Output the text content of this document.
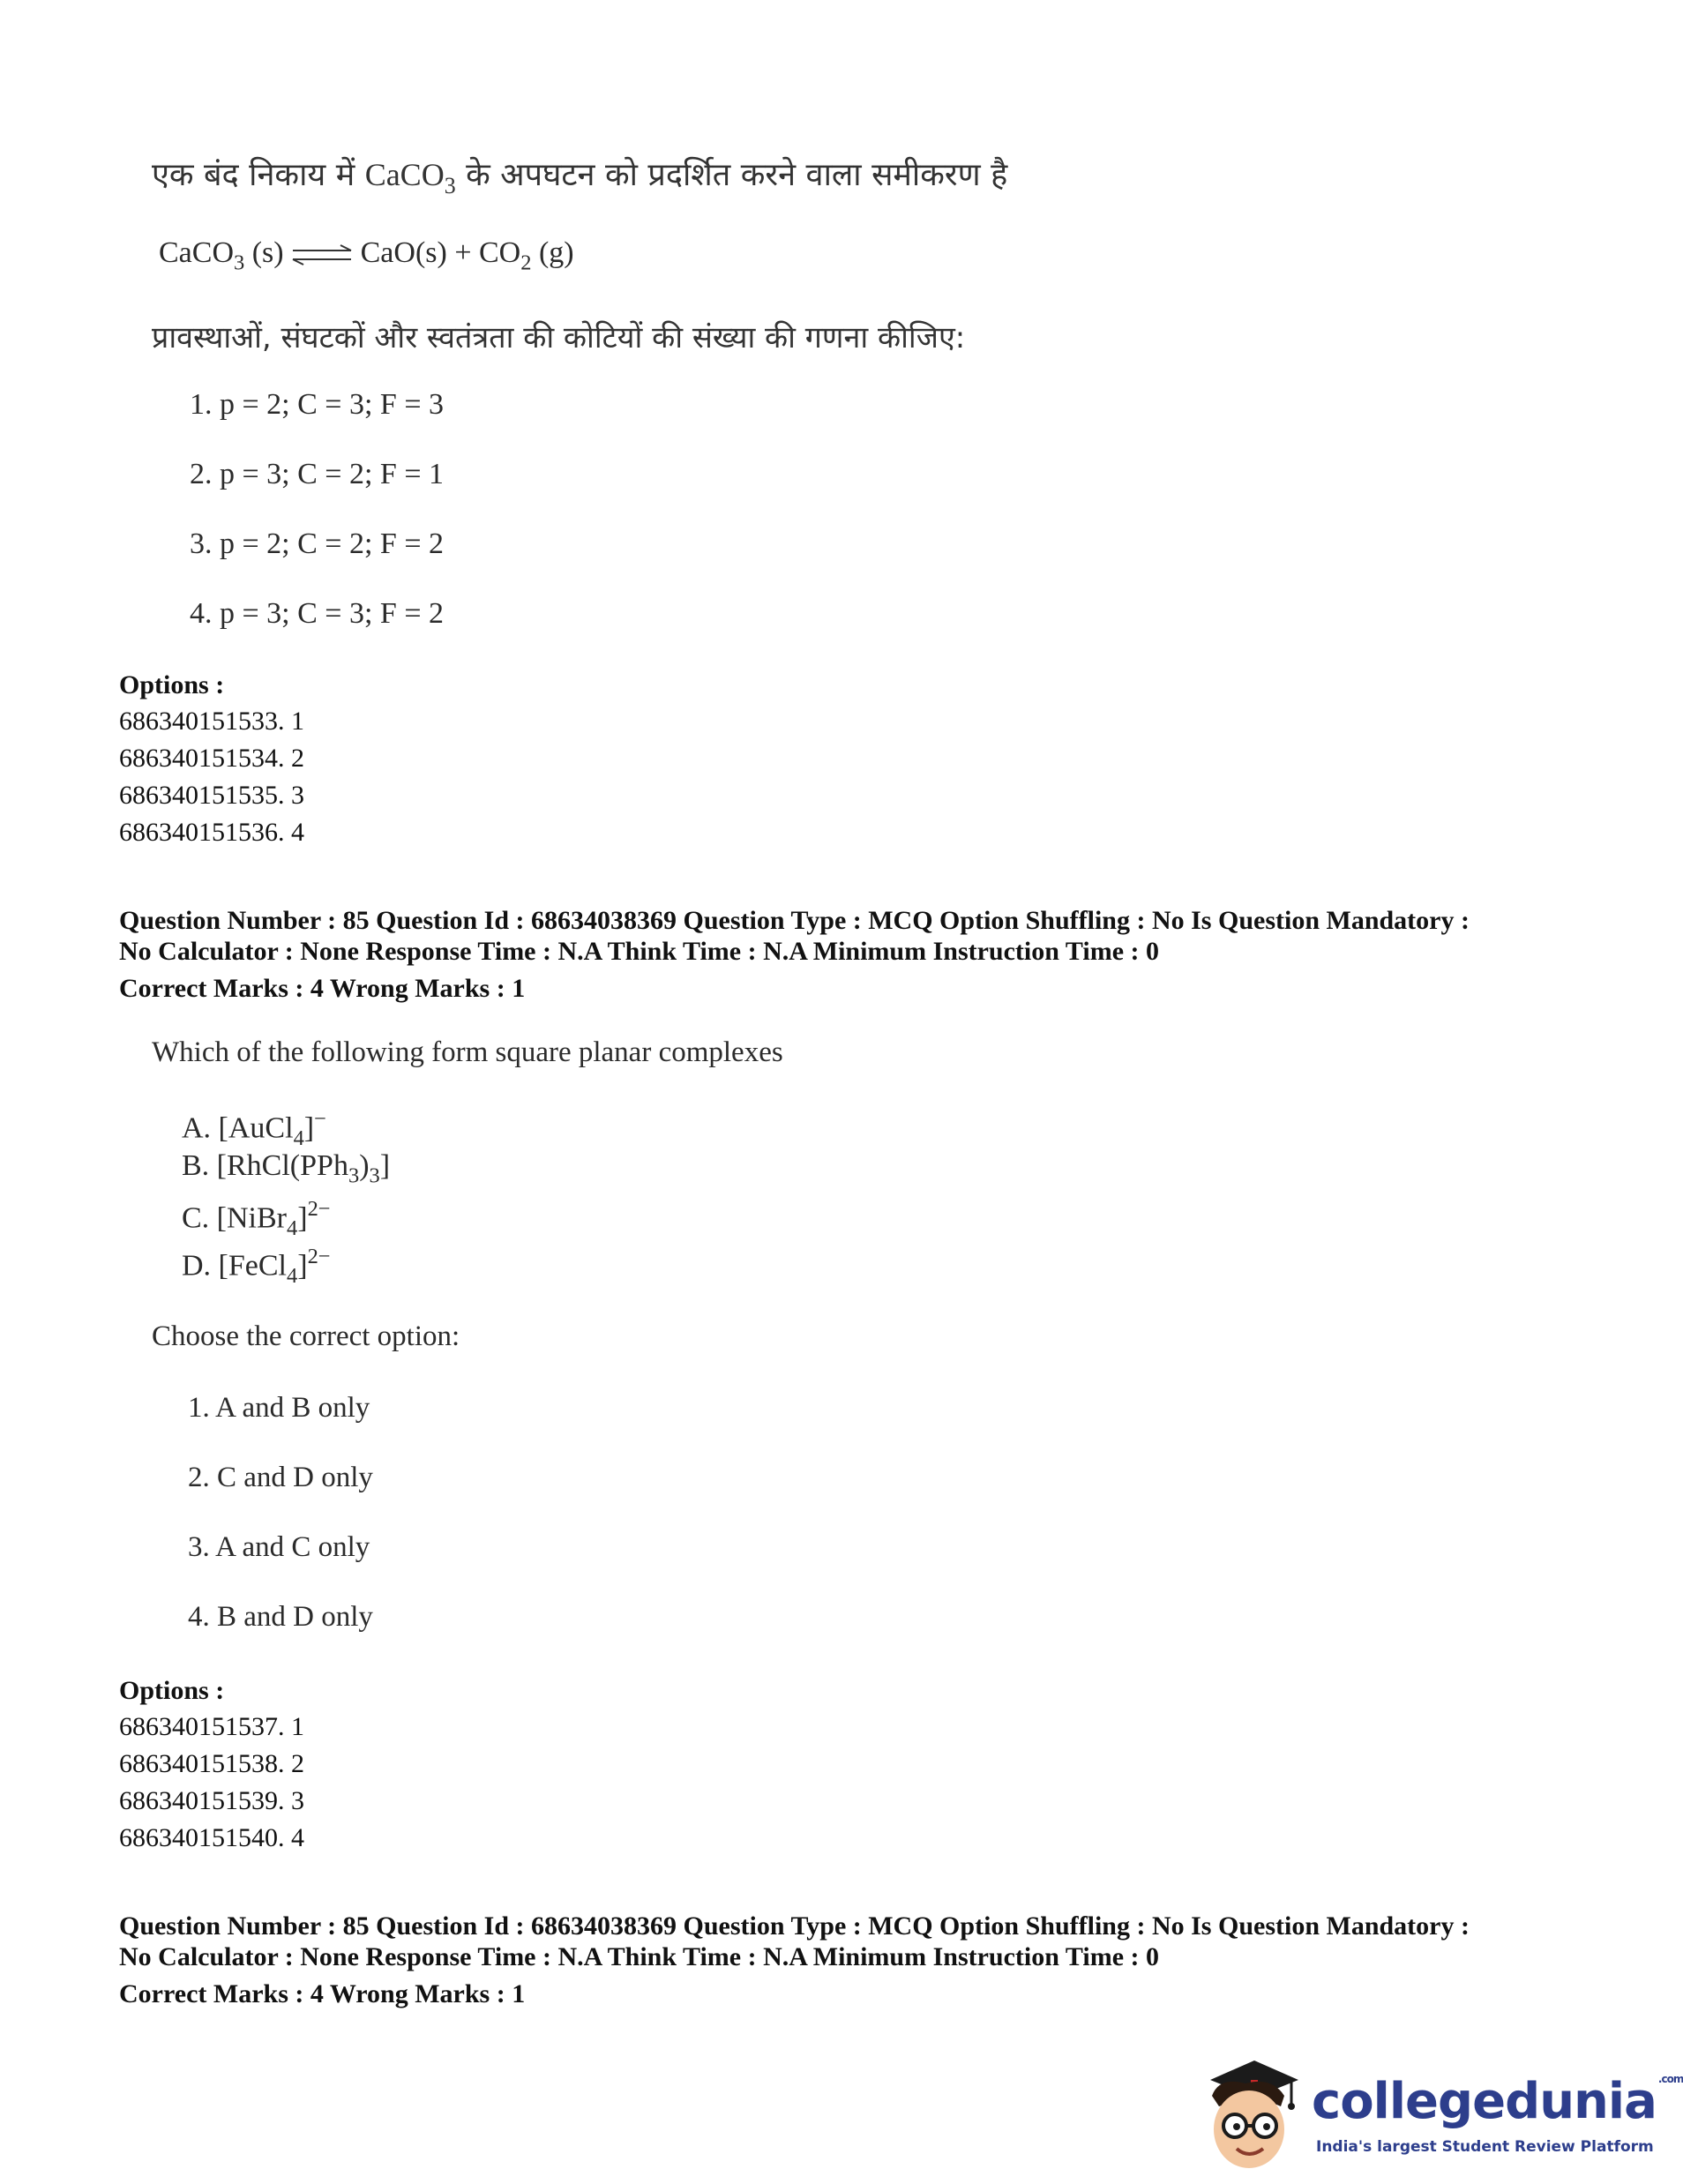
एक बंद निकाय में CaCO$_3$ के अपघटन को प्रदर्शित करने वाला समीकरण है
CaCO$_3$ (s) ⇌ $CaO(s) + CO_2$ (g)
प्रावस्थाओं, संघटकों और स्वतंत्रता की कोटियों की संख्या की गणना कीजिए:
1. p = 2; C = 3; F = 3
2. p = 3; C = 2; F = 1
3. p = 2; C = 2; F = 2
4. p = 3; C = 3; F = 2
Options :
686340151533. 1
686340151534. 2
686340151535. 3
686340151536. 4
Question Number : 85 Question Id : 68634038369 Question Type : MCQ Option Shuffling : No Is Question Mandatory :
No Calculator : None Response Time : N.A Think Time : N.A Minimum Instruction Time : 0
Correct Marks : 4 Wrong Marks : 1
Which of the following form square planar complexes
A. [AuCl$_4$]−
B. $[RhCl(PPh_3)_3]$
C. [NiBr$_4$]$^{2-}$
D. [FeCl$_4$]$^{2-}$
Choose the correct option:
1. A and B only
2. C and D only
3. A and C only
4. B and D only
Options :
686340151537. 1
686340151538. 2
686340151539. 3
686340151540. 4
Question Number : 85 Question Id : 68634038369 Question Type : MCQ Option Shuffling : No Is Question Mandatory :
No Calculator : None Response Time : N.A Think Time : N.A Minimum Instruction Time : 0
Correct Marks : 4 Wrong Marks : 1
collegedunia $^{.com}$
India's largest Student Review Platform
